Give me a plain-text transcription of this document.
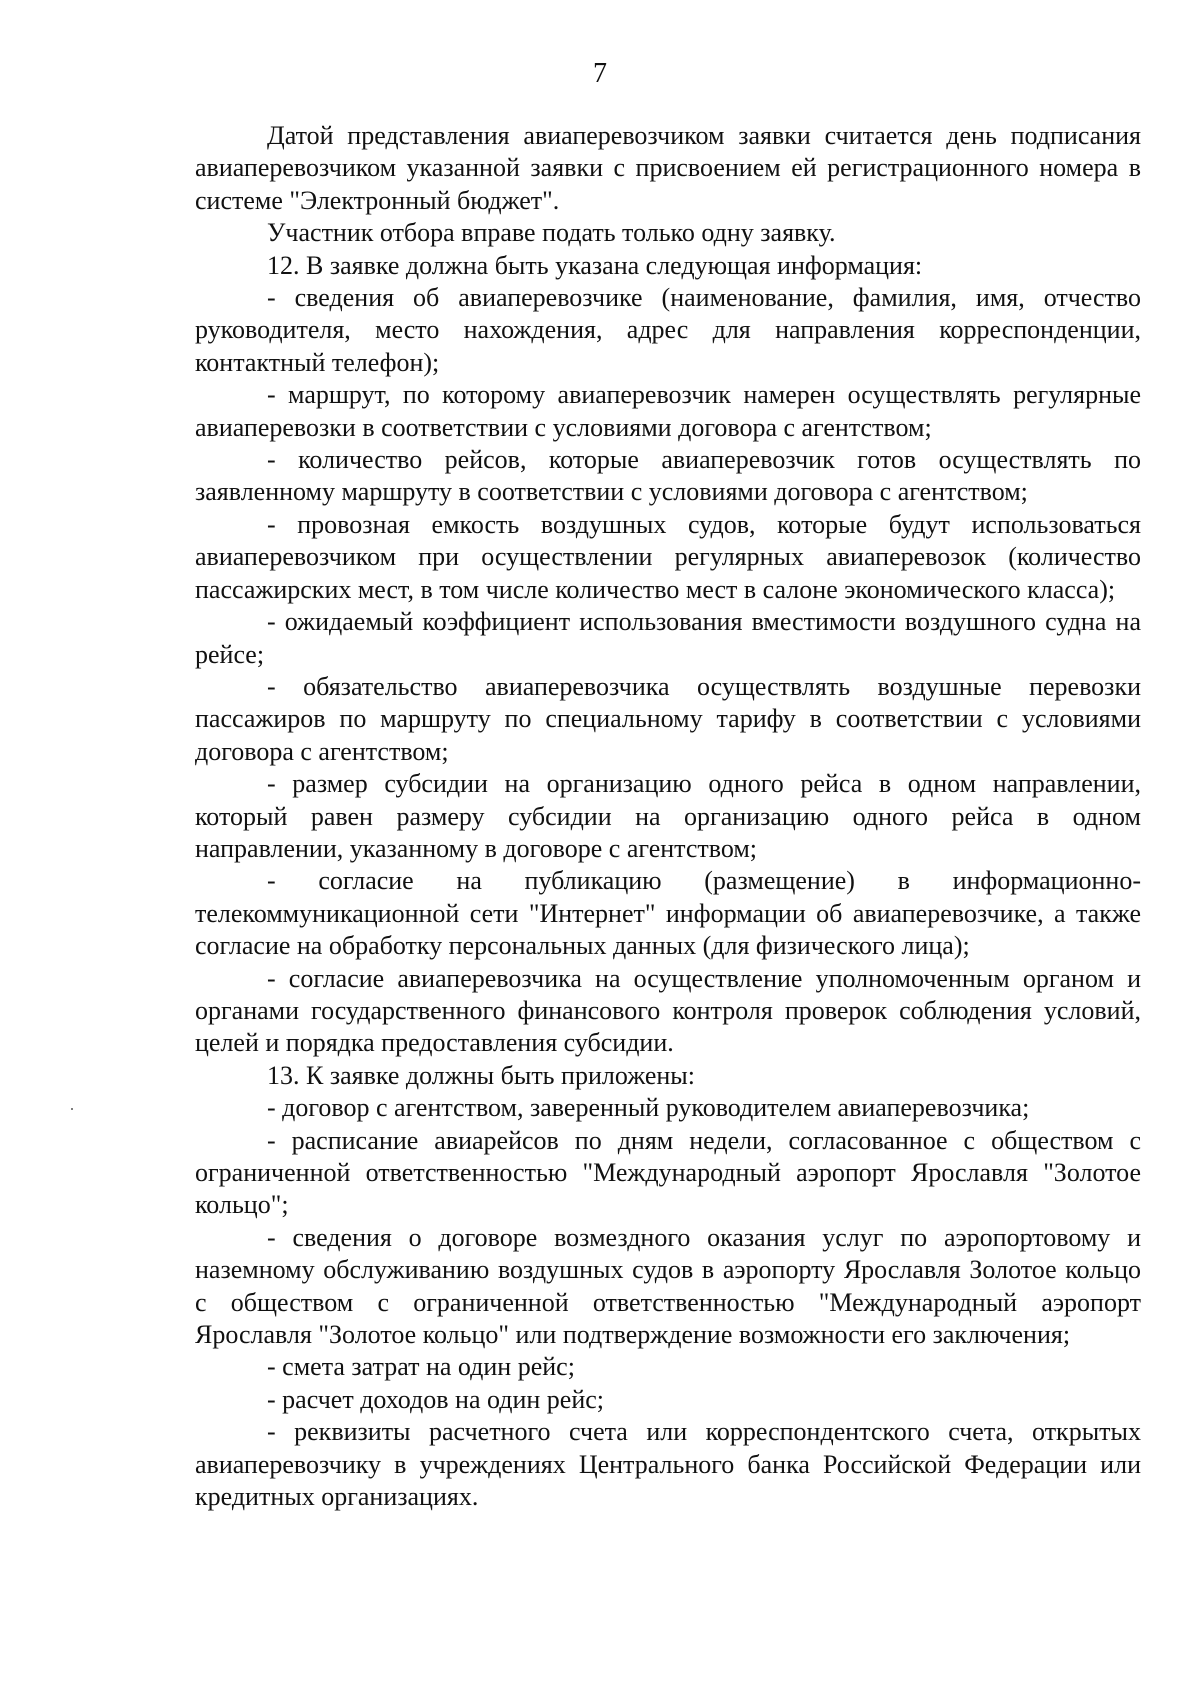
7

Датой представления авиаперевозчиком заявки считается день подписания авиаперевозчиком указанной заявки с присвоением ей регистрационного номера в системе "Электронный бюджет".

Участник отбора вправе подать только одну заявку.

12. В заявке должна быть указана следующая информация:

- сведения об авиаперевозчике (наименование, фамилия, имя, отчество руководителя, место нахождения, адрес для направления корреспонденции, контактный телефон);

- маршрут, по которому авиаперевозчик намерен осуществлять регулярные авиаперевозки в соответствии с условиями договора с агентством;

- количество рейсов, которые авиаперевозчик готов осуществлять по заявленному маршруту в соответствии с условиями договора с агентством;

- провозная емкость воздушных судов, которые будут использоваться авиаперевозчиком при осуществлении регулярных авиаперевозок (количество пассажирских мест, в том числе количество мест в салоне экономического класса);

- ожидаемый коэффициент использования вместимости воздушного судна на рейсе;

- обязательство авиаперевозчика осуществлять воздушные перевозки пассажиров по маршруту по специальному тарифу в соответствии с условиями договора с агентством;

- размер субсидии на организацию одного рейса в одном направлении, который равен размеру субсидии на организацию одного рейса в одном направлении, указанному в договоре с агентством;

- согласие на публикацию (размещение) в информационно-телекоммуникационной сети "Интернет" информации об авиаперевозчике, а также согласие на обработку персональных данных (для физического лица);

- согласие авиаперевозчика на осуществление уполномоченным органом и органами государственного финансового контроля проверок соблюдения условий, целей и порядка предоставления субсидии.

13. К заявке должны быть приложены:

- договор с агентством, заверенный руководителем авиаперевозчика;

- расписание авиарейсов по дням недели, согласованное с обществом с ограниченной ответственностью "Международный аэропорт Ярославля "Золотое кольцо";

- сведения о договоре возмездного оказания услуг по аэропортовому и наземному обслуживанию воздушных судов в аэропорту Ярославля Золотое кольцо с обществом с ограниченной ответственностью "Международный аэропорт Ярославля "Золотое кольцо" или подтверждение возможности его заключения;

- смета затрат на один рейс;

- расчет доходов на один рейс;

- реквизиты расчетного счета или корреспондентского счета, открытых авиаперевозчику в учреждениях Центрального банка Российской Федерации или кредитных организациях.
